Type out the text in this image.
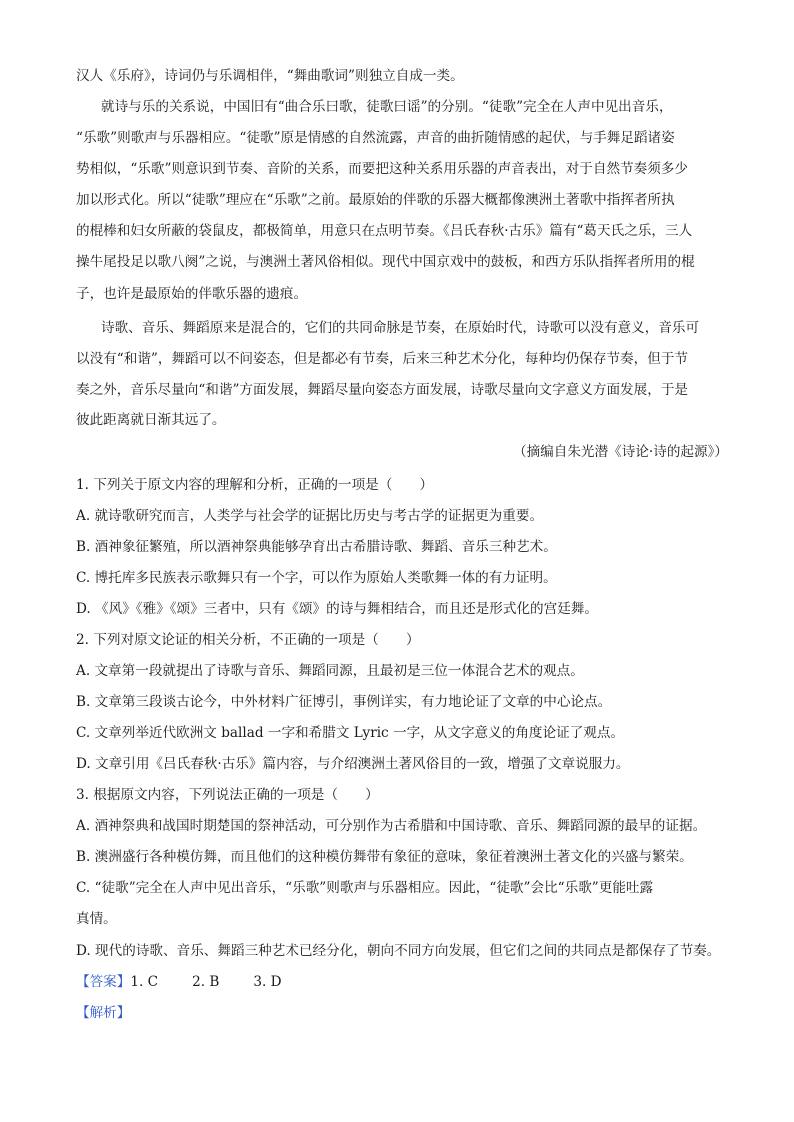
汉人《乐府》，诗词仍与乐调相伴，“舞曲歌词”则独立自成一类。
就诗与乐的关系说，中国旧有“曲合乐曰歌，徒歌曰谣”的分别。“徒歌”完全在人声中见出音乐，
“乐歌”则歌声与乐器相应。“徒歌”原是情感的自然流露，声音的曲折随情感的起伏，与手舞足蹈诸姿
势相似，“乐歌”则意识到节奏、音阶的关系，而要把这种关系用乐器的声音表出，对于自然节奏须多少
加以形式化。所以“徒歌”理应在“乐歌”之前。最原始的伴歌的乐器大概都像澳洲土著歌中指挥者所执
的棍棒和妇女所蔽的袋鼠皮，都极简单，用意只在点明节奏。《吕氏春秋·古乐》篇有“葛天氏之乐，三人
操牛尾投足以歌八阕”之说，与澳洲土著风俗相似。现代中国京戏中的鼓板，和西方乐队指挥者所用的棍
子，也许是最原始的伴歌乐器的遗痕。
诗歌、音乐、舞蹈原来是混合的，它们的共同命脉是节奏，在原始时代，诗歌可以没有意义，音乐可
以没有“和谐”，舞蹈可以不问姿态，但是都必有节奏，后来三种艺术分化，每种均仍保存节奏，但于节
奏之外，音乐尽量向“和谐”方面发展，舞蹈尽量向姿态方面发展，诗歌尽量向文字意义方面发展，于是
彼此距离就日渐其远了。
（摘编自朱光潜《诗论·诗的起源》）
1. 下列关于原文内容的理解和分析，正确的一项是（　　）
A. 就诗歌研究而言，人类学与社会学的证据比历史与考古学的证据更为重要。
B. 酒神象征繁殖，所以酒神祭典能够孕育出古希腊诗歌、舞蹈、音乐三种艺术。
C. 博托库多民族表示歌舞只有一个字，可以作为原始人类歌舞一体的有力证明。
D. 《风》《雅》《颂》三者中，只有《颂》的诗与舞相结合，而且还是形式化的宫廷舞。
2. 下列对原文论证的相关分析，不正确的一项是（　　）
A. 文章第一段就提出了诗歌与音乐、舞蹈同源，且最初是三位一体混合艺术的观点。
B. 文章第三段谈古论今，中外材料广征博引，事例详实，有力地论证了文章的中心论点。
C. 文章列举近代欧洲文 ballad 一字和希腊文 Lyric 一字，从文字意义的角度论证了观点。
D. 文章引用《吕氏春秋·古乐》篇内容，与介绍澳洲土著风俗目的一致，增强了文章说服力。
3. 根据原文内容，下列说法正确的一项是（　　）
A. 酒神祭典和战国时期楚国的祭神活动，可分别作为古希腊和中国诗歌、音乐、舞蹈同源的最早的证据。
B. 澳洲盛行各种模仿舞，而且他们的这种模仿舞带有象征的意味，象征着澳洲土著文化的兴盛与繁荣。
C. “徒歌”完全在人声中见出音乐，“乐歌”则歌声与乐器相应。因此，“徒歌”会比“乐歌”更能吐露
真情。
D. 现代的诗歌、音乐、舞蹈三种艺术已经分化，朝向不同方向发展，但它们之间的共同点是都保存了节奏。
【答案】1. C	2. B	3. D
【解析】
